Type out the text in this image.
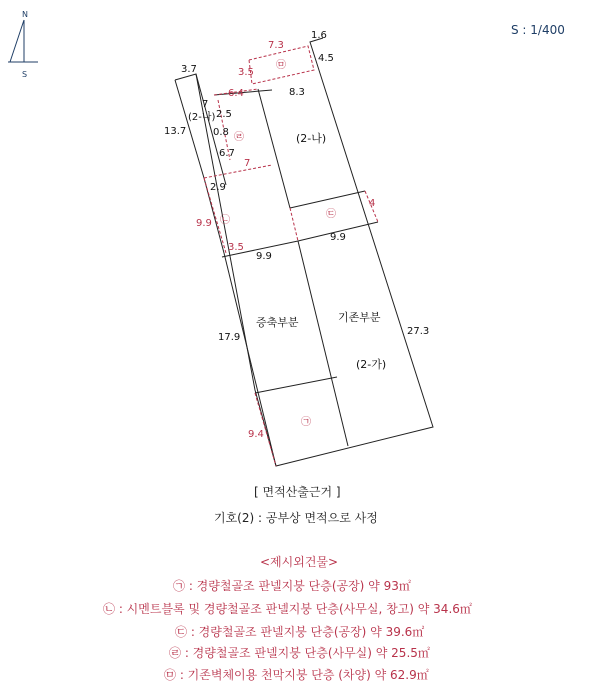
S : 1/400
N
S
1.6
4.5
3.7
8.3
7
2.5
(2-나)
13.7	0.8
6.7
2.9
9.9
9.9
27.3
17.9
7.3
3.5
6.4
7
9.9
3.5
4
9.4
㉤
㉣
㉡
㉢
㉠
(2-나)
증축부분	기존부분
(2-가)
[ 면적산출근거 ]
기호(2) : 공부상 면적으로 사정
<제시외건물>
㉠ : 경량철골조 판넬지붕 단층(공장) 약 93㎡
㉡ : 시멘트블록 및 경량철골조 판넬지붕 단층(사무실, 창고) 약 34.6㎡
㉢ : 경량철골조 판넬지붕 단층(공장) 약 39.6㎡
㉣ : 경량철골조 판넬지붕 단층(사무실) 약 25.5㎡
㉤ : 기존벽체이용 천막지붕 단층 (차양) 약 62.9㎡
